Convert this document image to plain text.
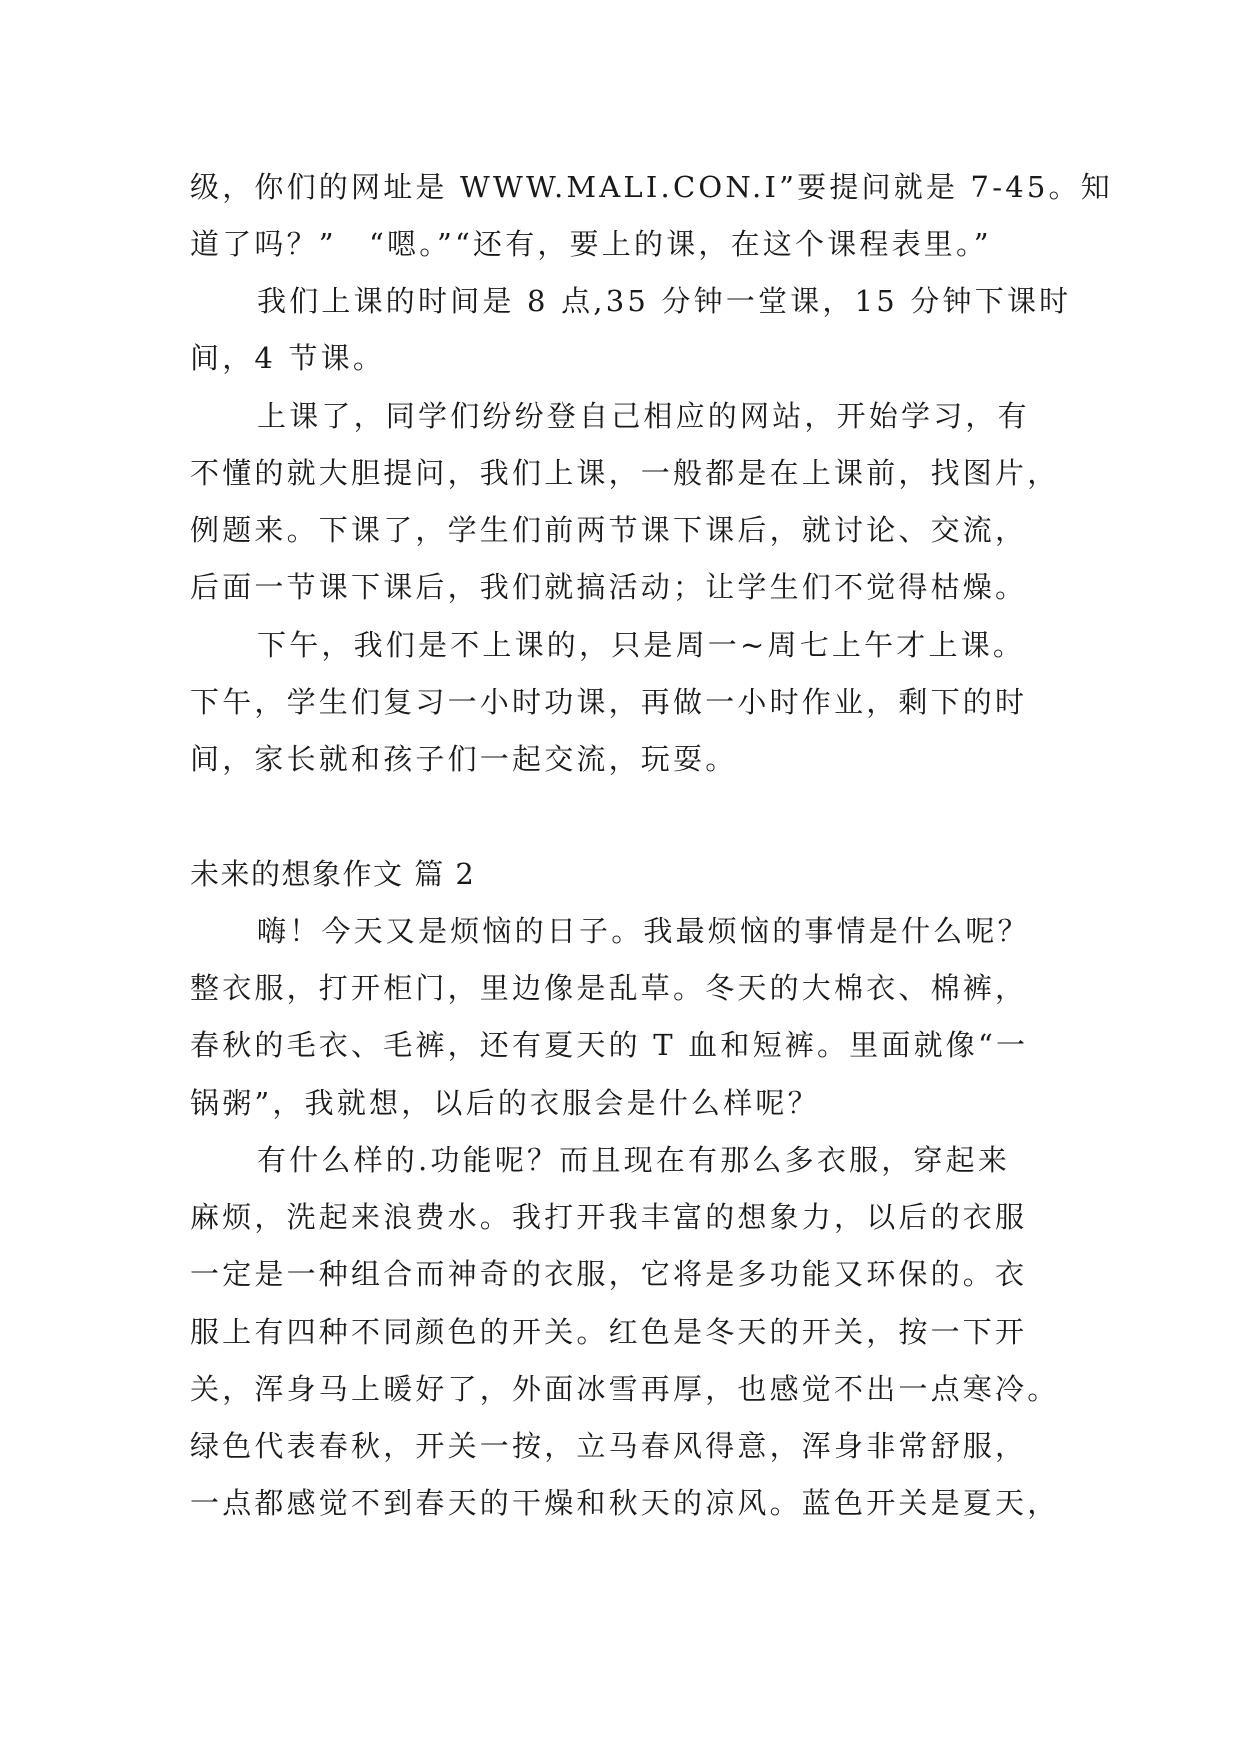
级，你们的网址是 WWW.MALI.CON.I”要提问就是 7-45。知
道了吗？”　“嗯。”“还有，要上的课，在这个课程表里。”
我们上课的时间是 8 点,35 分钟一堂课，15 分钟下课时
间，4 节课。
上课了，同学们纷纷登自己相应的网站，开始学习，有
不懂的就大胆提问，我们上课，一般都是在上课前，找图片，
例题来。下课了，学生们前两节课下课后，就讨论、交流，
后面一节课下课后，我们就搞活动；让学生们不觉得枯燥。
下午，我们是不上课的，只是周一~周七上午才上课。
下午，学生们复习一小时功课，再做一小时作业，剩下的时
间，家长就和孩子们一起交流，玩耍。
未来的想象作文 篇 2
嗨！今天又是烦恼的日子。我最烦恼的事情是什么呢？
整衣服，打开柜门，里边像是乱草。冬天的大棉衣、棉裤，
春秋的毛衣、毛裤，还有夏天的 T 血和短裤。里面就像“一
锅粥”，我就想，以后的衣服会是什么样呢？
有什么样的.功能呢？而且现在有那么多衣服，穿起来
麻烦，洗起来浪费水。我打开我丰富的想象力，以后的衣服
一定是一种组合而神奇的衣服，它将是多功能又环保的。衣
服上有四种不同颜色的开关。红色是冬天的开关，按一下开
关，浑身马上暖好了，外面冰雪再厚，也感觉不出一点寒冷。
绿色代表春秋，开关一按，立马春风得意，浑身非常舒服，
一点都感觉不到春天的干燥和秋天的凉风。蓝色开关是夏天，
